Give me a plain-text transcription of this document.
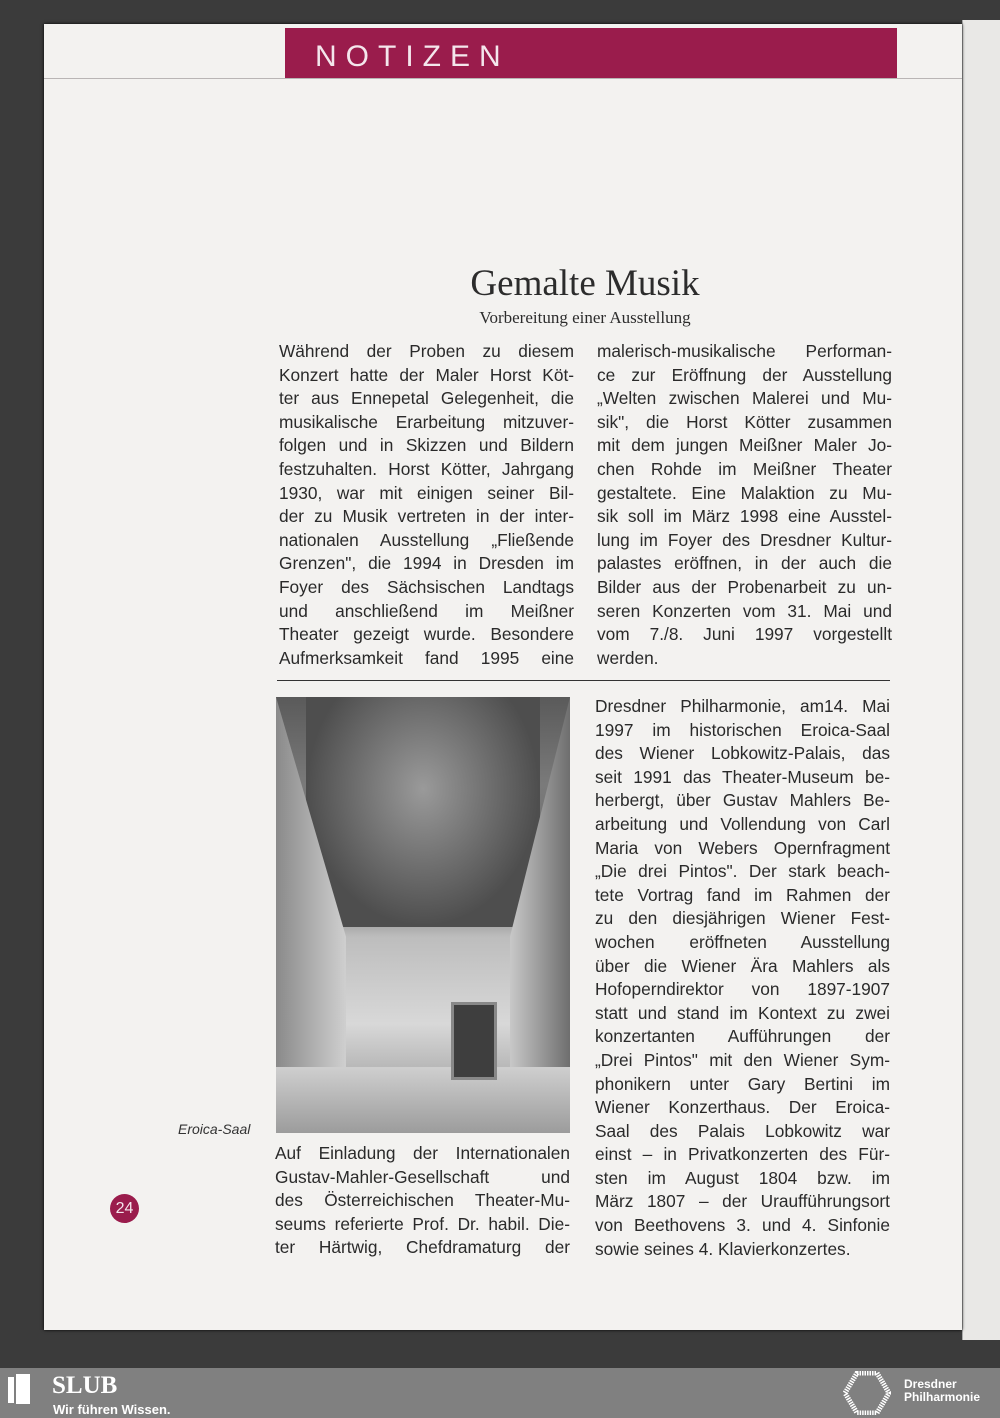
NOTIZEN
Gemalte Musik
Vorbereitung einer Ausstellung
Während der Proben zu diesem
Konzert hatte der Maler Horst Köt-
ter aus Ennepetal Gelegenheit, die
musikalische Erarbeitung mitzuver-
folgen und in Skizzen und Bildern
festzuhalten. Horst Kötter, Jahrgang
1930, war mit einigen seiner Bil-
der zu Musik vertreten in der inter-
nationalen Ausstellung „Fließende
Grenzen", die 1994 in Dresden im
Foyer des Sächsischen Landtags
und anschließend im Meißner
Theater gezeigt wurde. Besondere
Aufmerksamkeit fand 1995 eine
malerisch-musikalische Performan-
ce zur Eröffnung der Ausstellung
„Welten zwischen Malerei und Mu-
sik", die Horst Kötter zusammen
mit dem jungen Meißner Maler Jo-
chen Rohde im Meißner Theater
gestaltete. Eine Malaktion zu Mu-
sik soll im März 1998 eine Ausstel-
lung im Foyer des Dresdner Kultur-
palastes eröffnen, in der auch die
Bilder aus der Probenarbeit zu un-
seren Konzerten vom 31. Mai und
vom 7./8. Juni 1997 vorgestellt
werden.
Eroica-Saal
Auf Einladung der Internationalen
Gustav-Mahler-Gesellschaft und
des Österreichischen Theater-Mu-
seums referierte Prof. Dr. habil. Die-
ter Härtwig, Chefdramaturg der
Dresdner Philharmonie, am14. Mai
1997 im historischen Eroica-Saal
des Wiener Lobkowitz-Palais, das
seit 1991 das Theater-Museum be-
herbergt, über Gustav Mahlers Be-
arbeitung und Vollendung von Carl
Maria von Webers Opernfragment
„Die drei Pintos". Der stark beach-
tete Vortrag fand im Rahmen der
zu den diesjährigen Wiener Fest-
wochen eröffneten Ausstellung
über die Wiener Ära Mahlers als
Hofoperndirektor von 1897-1907
statt und stand im Kontext zu zwei
konzertanten Aufführungen der
„Drei Pintos" mit den Wiener Sym-
phonikern unter Gary Bertini im
Wiener Konzerthaus. Der Eroica-
Saal des Palais Lobkowitz war
einst – in Privatkonzerten des Für-
sten im August 1804 bzw. im
März 1807 – der Uraufführungsort
von Beethovens 3. und 4. Sinfonie
sowie seines 4. Klavierkonzertes.
24
SLUB
Wir führen Wissen.
Dresdner
Philharmonie
